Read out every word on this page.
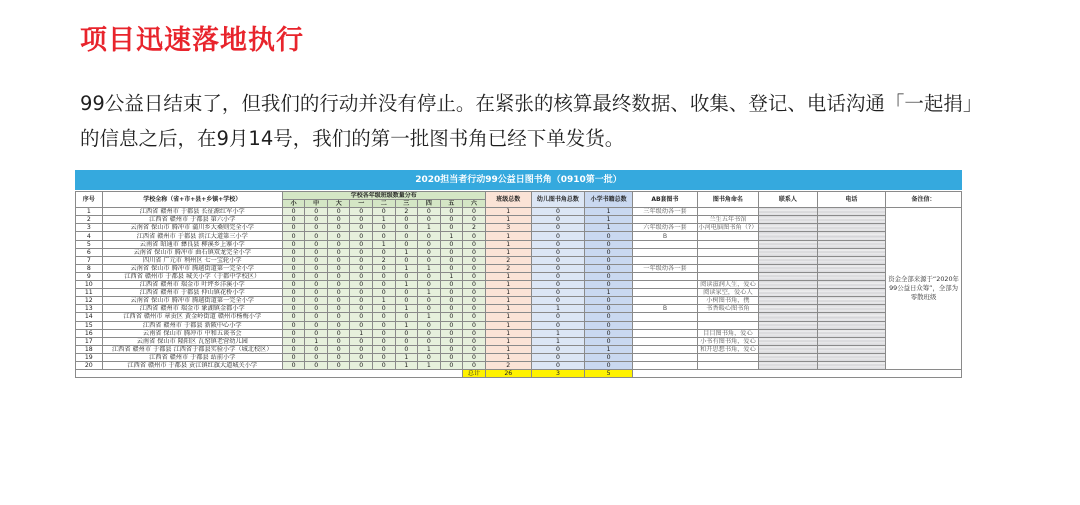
项目迅速落地执行
99公益日结束了，但我们的行动并没有停止。在紧张的核算最终数据、收集、登记、电话沟通「一起捐」的信息之后，在9月14号，我们的第一批图书角已经下单发货。
2020担当者行动99公益日图书角（0910第一批）
序号	学校全称（省+市+县+乡镇+学校）	学校各年级班级数量分布									班级总数	幼儿图书角总数	小学书籍总数	AB套图书	图书角命名	联系人	电话	备注信：
		小	中	大	一	二	三	四	五	六								
1	江西省 赣州市 于都县 长征源红军小学	0	0	0	0	0	2	0	0	0	1	0	1	三年级幼各一套				资金全部来源于“2020年99公益日众筹”，全部为零散班级
2	江西省 赣州市 于都县 第六小学	0	0	0	0	1	0	0	0	0	1	0	1		兰生五年书馆			
3	云南省 保山市 腾冲市 蒲川乡大桑则完全小学	0	0	0	0	0	0	1	0	2	3	0	1	六年级幼各一套	小河电脑图书角（?）			
4	江西省 赣州市 于都县 滨江大道第三小学	0	0	0	0	0	0	0	1	0	1	0	0	B				
5	云南省 昭通市 彝良县 柳溪乡上寨小学	0	0	0	0	1	0	0	0	0	1	0	0					
6	云南省 保山市 腾冲市 曲石镇双龙完全小学	0	0	0	0	0	1	0	0	0	1	0	0					
7	四川省 广元市 利州区 七一宝轮小学	0	0	0	0	2	0	0	0	0	2	0	0					
8	云南省 保山市 腾冲市 腾越街道第一完全小学	0	0	0	0	0	1	1	0	0	2	0	0	一年级幼各一套				
9	江西省 赣州市 于都县 城关小学（于都中学校区）	0	0	0	0	0	0	0	1	0	1	0	0					
10	江西省 赣州市 瑞金市 叶坪乡洋溪小学	0	0	0	0	0	1	0	0	0	1	0	0		阅读滋润人生，爱心			
11	江西省 赣州市 于都县 仲山镇花桥小学	0	0	0	0	0	0	1	0	0	1	0	1		阅读家空，爱心人			
12	云南省 保山市 腾冲市 腾越街道第一完全小学	0	0	0	0	1	0	0	0	0	1	0	0		小树图书角，携			
13	江西省 赣州市 瑞金市 象湖镇金都小学	0	0	0	0	0	1	0	0	0	1	1	0	B	书香暖心图书角			
14	江西省 赣州市 章贡区 黄金岭街道 赣州市杨梅小学	0	0	0	0	0	0	1	0	0	1	0	0					
15	江西省 赣州市 于都县 新陂中心小学	0	0	0	0	0	1	0	0	0	1	0	0					
16	云南省 保山市 腾冲市 中和五谈书会	0	0	0	1	0	0	0	0	0	1	1	0		目目图书角，爱心			
17	云南省 保山市 隆阳区 瓦窑镇老营幼儿园	0	1	0	0	0	0	0	0	0	1	1	0		小书有图书角，爱心			
18	江西省 赣州市 于都县 江西省于都县实验小学（城北校区）	0	0	0	0	0	0	1	0	0	1	0	1		和开思想书角，爱心			
19	江西省 赣州市 于都县 站前小学	0	0	0	0	0	1	0	0	0	1	0	0					
20	江西省 赣州市 于都县 贡江镇红旗大道城关小学	0	0	0	0	0	1	1	0	0	2	0	0					
										总计	26	3	5					
